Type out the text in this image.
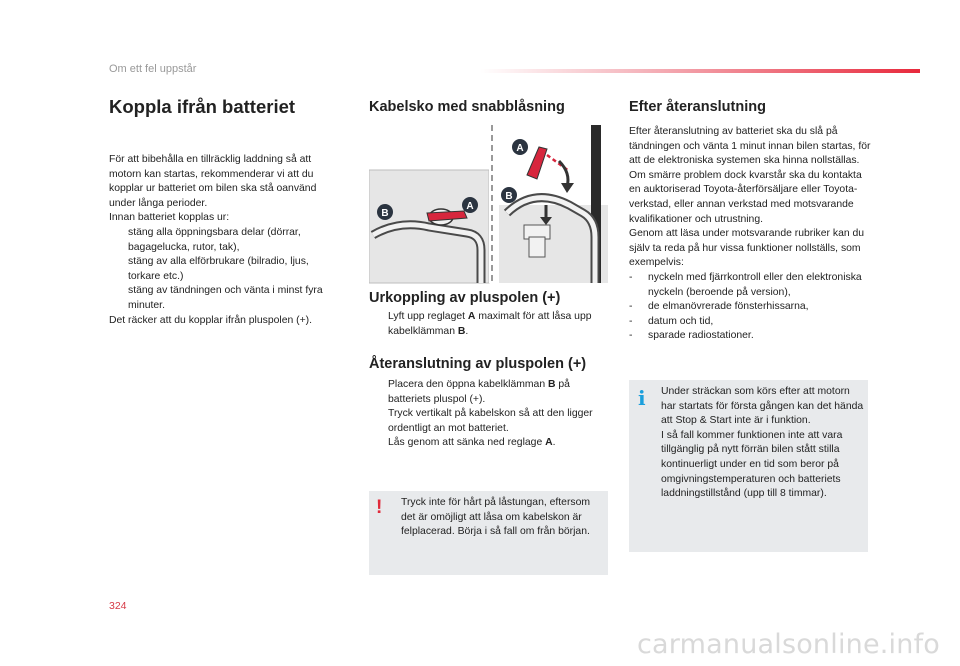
Om ett fel uppstår
Koppla ifrån batteriet
För att bibehålla en tillräcklig laddning så att motorn kan startas, rekommenderar vi att du kopplar ur batteriet om bilen ska stå oanvänd under långa perioder.
Innan batteriet kopplas ur:
stäng alla öppningsbara delar (dörrar, bagagelucka, rutor, tak),
stäng av alla elförbrukare (bilradio, ljus, torkare etc.)
stäng av tändningen och vänta i minst fyra minuter.
Det räcker att du kopplar ifrån pluspolen (+).
Kabelsko med snabblåsning
B
A
A
B
Urkoppling av pluspolen (+)
Lyft upp reglaget A maximalt för att låsa upp kabelklämman B.
Återanslutning av pluspolen (+)
Placera den öppna kabelklämman B på batteriets pluspol (+).
Tryck vertikalt på kabelskon så att den ligger ordentligt an mot batteriet.
Lås genom att sänka ned reglage A.
! Tryck inte för hårt på låstungan, eftersom det är omöjligt att låsa om kabelskon är felplacerad. Börja i så fall om från början.
Efter återanslutning
Efter återanslutning av batteriet ska du slå på tändningen och vänta 1 minut innan bilen startas, för att de elektroniska systemen ska hinna nollställas.
Om smärre problem dock kvarstår ska du kontakta en auktoriserad Toyota-återförsäljare eller Toyota-verkstad, eller annan verkstad med motsvarande kvalifikationer och utrustning.
Genom att läsa under motsvarande rubriker kan du själv ta reda på hur vissa funktioner nollställs, som exempelvis:
- nyckeln med fjärrkontroll eller den elektroniska nyckeln (beroende på version),
- de elmanövrerade fönsterhissarna,
- datum och tid,
- sparade radiostationer.
i Under sträckan som körs efter att motorn har startats för första gången kan det hända att Stop & Start inte är i funktion.
I så fall kommer funktionen inte att vara tillgänglig på nytt förrän bilen stått stilla kontinuerligt under en tid som beror på omgivningstemperaturen och batteriets laddningstillstånd (upp till 8 timmar).
324
carmanualsonline.info
